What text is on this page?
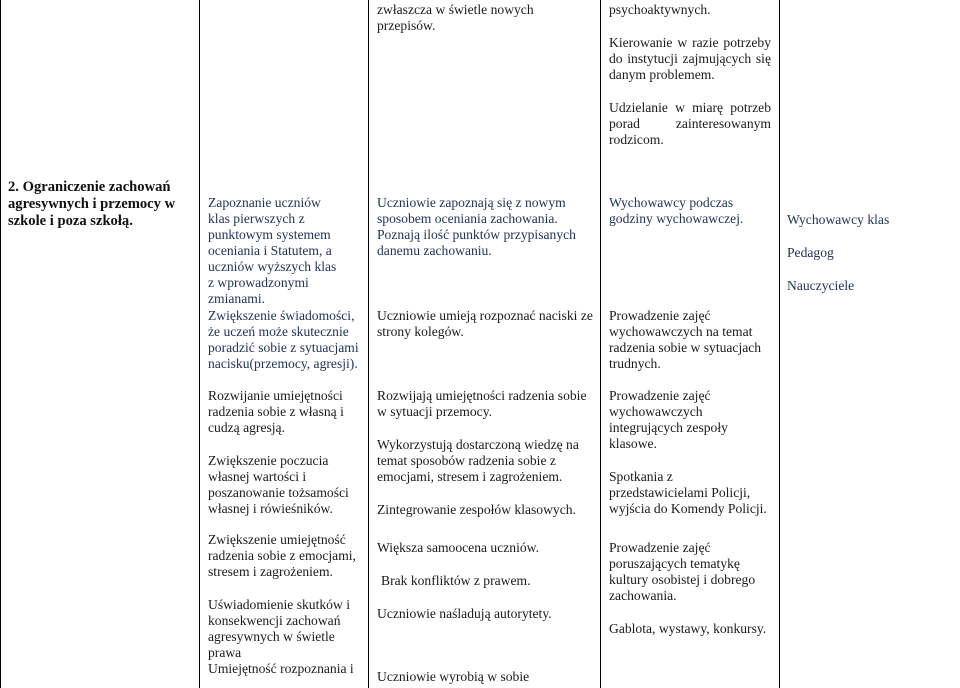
zwłaszcza w świetle nowych przepisów.

psychoaktywnych.

Kierowanie w razie potrzeby do instytucji zajmujących się danym problemem.

Udzielanie w miarę potrzeb porad zainteresowanym rodzicom.

2. Ograniczenie zachowań agresywnych i przemocy w szkole i poza szkołą.

Zapoznanie uczniów klas pierwszych z punktowym systemem oceniania i Statutem, a uczniów wyższych klas z wprowadzonymi zmianami.

Uczniowie zapoznają się z nowym sposobem oceniania zachowania. Poznają ilość punktów przypisanych danemu zachowaniu.

Wychowawcy podczas godziny wychowawczej.	Wychowawcy klas

Pedagog

Nauczyciele

Zwiększenie świadomości, że uczeń może skutecznie poradzić sobie z sytuacjami nacisku(przemocy, agresji).

Uczniowie umieją rozpoznać naciski ze strony kolegów.

Prowadzenie zajęć wychowawczych na temat radzenia sobie w sytuacjach trudnych.

Rozwijanie umiejętności radzenia sobie z własną i cudzą agresją.

Zwiększenie poczucia własnej wartości i poszanowanie tożsamości własnej i rówieśników.

Rozwijają umiejętności radzenia sobie w sytuacji przemocy.

Wykorzystują dostarczoną wiedzę na temat sposobów radzenia sobie z emocjami, stresem i zagrożeniem.

Zintegrowanie zespołów klasowych.

Prowadzenie zajęć wychowawczych integrujących zespoły klasowe.

Spotkania z przedstawicielami Policji, wyjścia do Komendy Policji.

Zwiększenie umiejętność radzenia sobie z emocjami, stresem i zagrożeniem.

Uświadomienie skutków i konsekwencji zachowań agresywnych w świetle prawa

Umiejętność rozpoznania i

Większa samoocena uczniów.

Brak konfliktów z prawem.

Uczniowie naśladują autorytety.

Uczniowie wyrobią w sobie

Prowadzenie zajęć poruszających tematykę kultury osobistej i dobrego zachowania.

Gablota, wystawy, konkursy.
